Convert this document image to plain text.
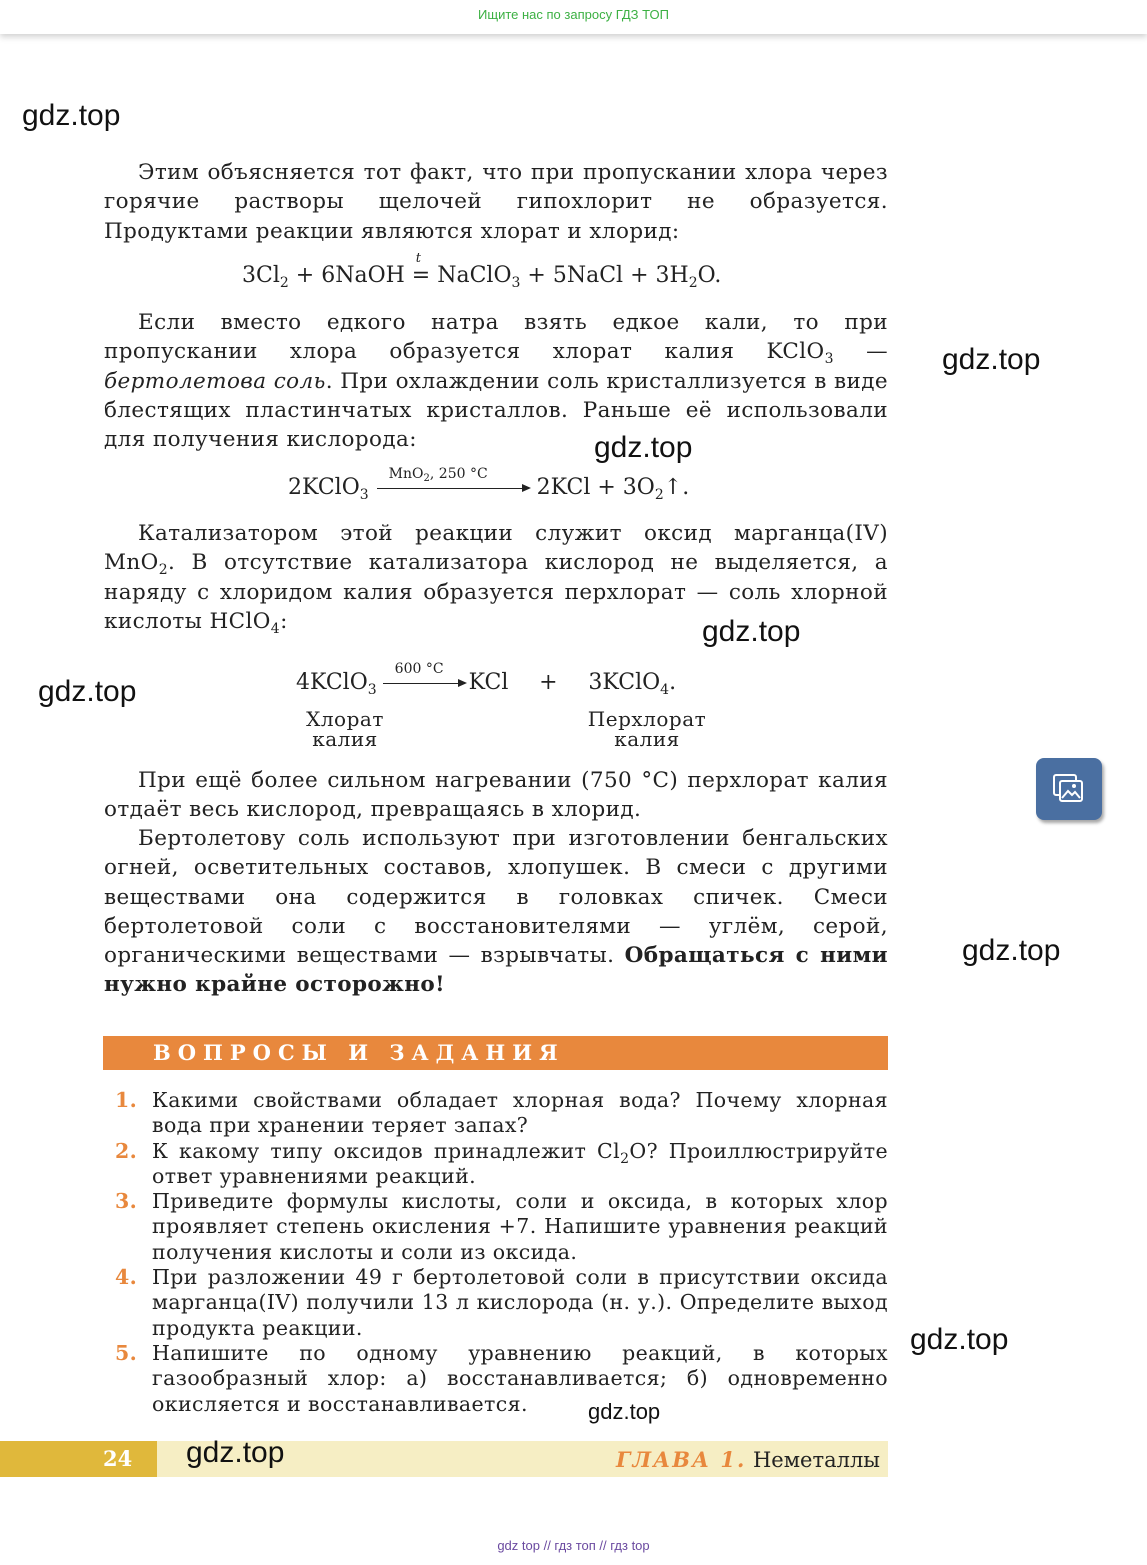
Ищите нас по запросу ГДЗ ТОП
gdz.top
gdz.top
gdz.top
gdz.top
gdz.top
gdz.top
gdz.top
gdz.top
gdz.top

Этим объясняется тот факт, что при пропускании хлора через горячие растворы щелочей гипохлорит не образуется. Продуктами реакции являются хлорат и хлорид:

$3Cl_2$ + 6NaOH
t
= NaClO$_3$ + 5NaCl + $3H_2O$.

Если вместо едкого натра взять едкое кали, то при пропускании хлора образуется хлорат калия KClO$_3$ — бертолетова соль. При охлаждении соль кристаллизуется в виде блестящих пластинчатых кристаллов. Раньше её использовали для получения кислорода:

2KClO$_3$
MnO$_2$, 250 °C
$2KCl + 3O_2↑$.

Катализатором этой реакции служит оксид марганца(IV) MnO$_2$. В отсутствие катализатора кислород не выделяется, а наряду с хлоридом калия образуется перхлорат — соль хлорной кислоты HClO$_4$:

4KClO$_3$
600 °C
KCl + 3KClO$_4$.
Хлорат
калия
Перхлорат
калия

При ещё более сильном нагревании (750 °С) перхлорат калия отдаёт весь кислород, превращаясь в хлорид.

Бертолетову соль используют при изготовлении бенгальских огней, осветительных составов, хлопушек. В смеси с другими веществами она содержится в головках спичек. Смеси бертолетовой соли с восстановителями — углём, серой, органическими веществами — взрывчаты. Обращаться с ними нужно крайне осторожно!

ВОПРОСЫ И ЗАДАНИЯ
1. Какими свойствами обладает хлорная вода? Почему хлорная вода при хранении теряет запах?
2. К какому типу оксидов принадлежит $Cl_2O$? Проиллюстрируйте ответ уравнениями реакций.
3. Приведите формулы кислоты, соли и оксида, в которых хлор проявляет степень окисления +7. Напишите уравнения реакций получения кислоты и соли из оксида.
4. При разложении 49 г бертолетовой соли в присутствии оксида марганца(IV) получили 13 л кислорода (н. у.). Определите выход продукта реакции.
5. Напишите по одному уравнению реакций, в которых газообразный хлор: а) восстанавливается; б) одновременно окисляется и восстанавливается.
24	ГЛАВА 1. Неметаллы
gdz top // гдз топ // гдз top
